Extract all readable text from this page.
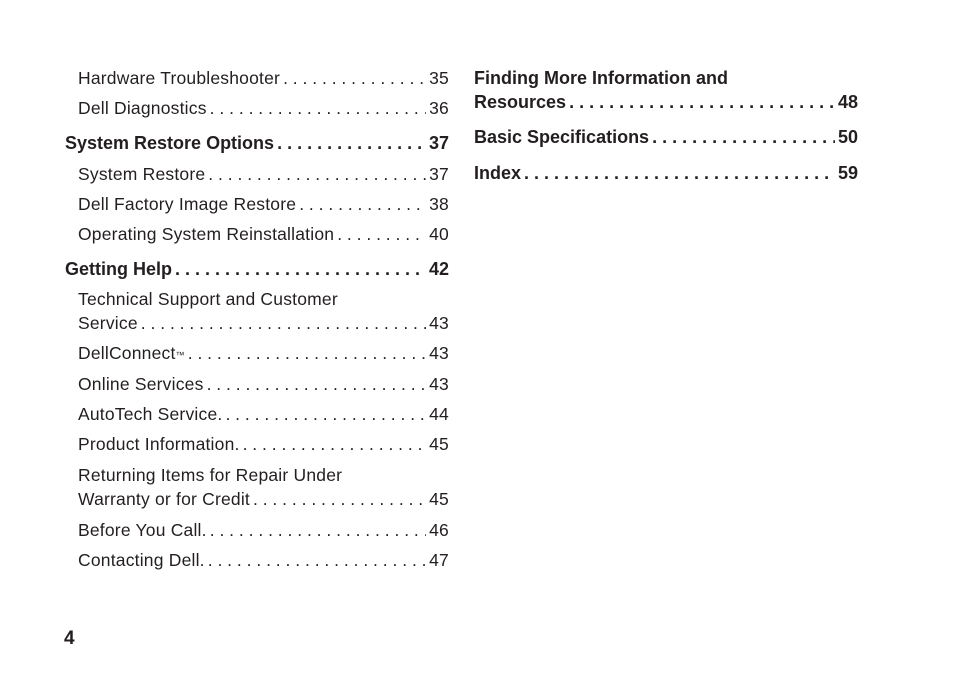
Hardware Troubleshooter . . .	35
Dell Diagnostics . . .	36
System Restore Options . . .	37
System Restore . . .	37
Dell Factory Image Restore . . .	38
Operating System Reinstallation . . .	40
Getting Help . . .	42
Technical Support and Customer
Service . . .	43
DellConnect™ . . .	43
Online Services . . .	43
AutoTech Service. . . .	44
Product Information. . . .	45
Returning Items for Repair Under
Warranty or for Credit . . .	45
Before You Call. . . .	46
Contacting Dell. . . .	47
Finding More Information and
Resources . . .	48
Basic Specifications . . .	50
Index . . .	59
4
